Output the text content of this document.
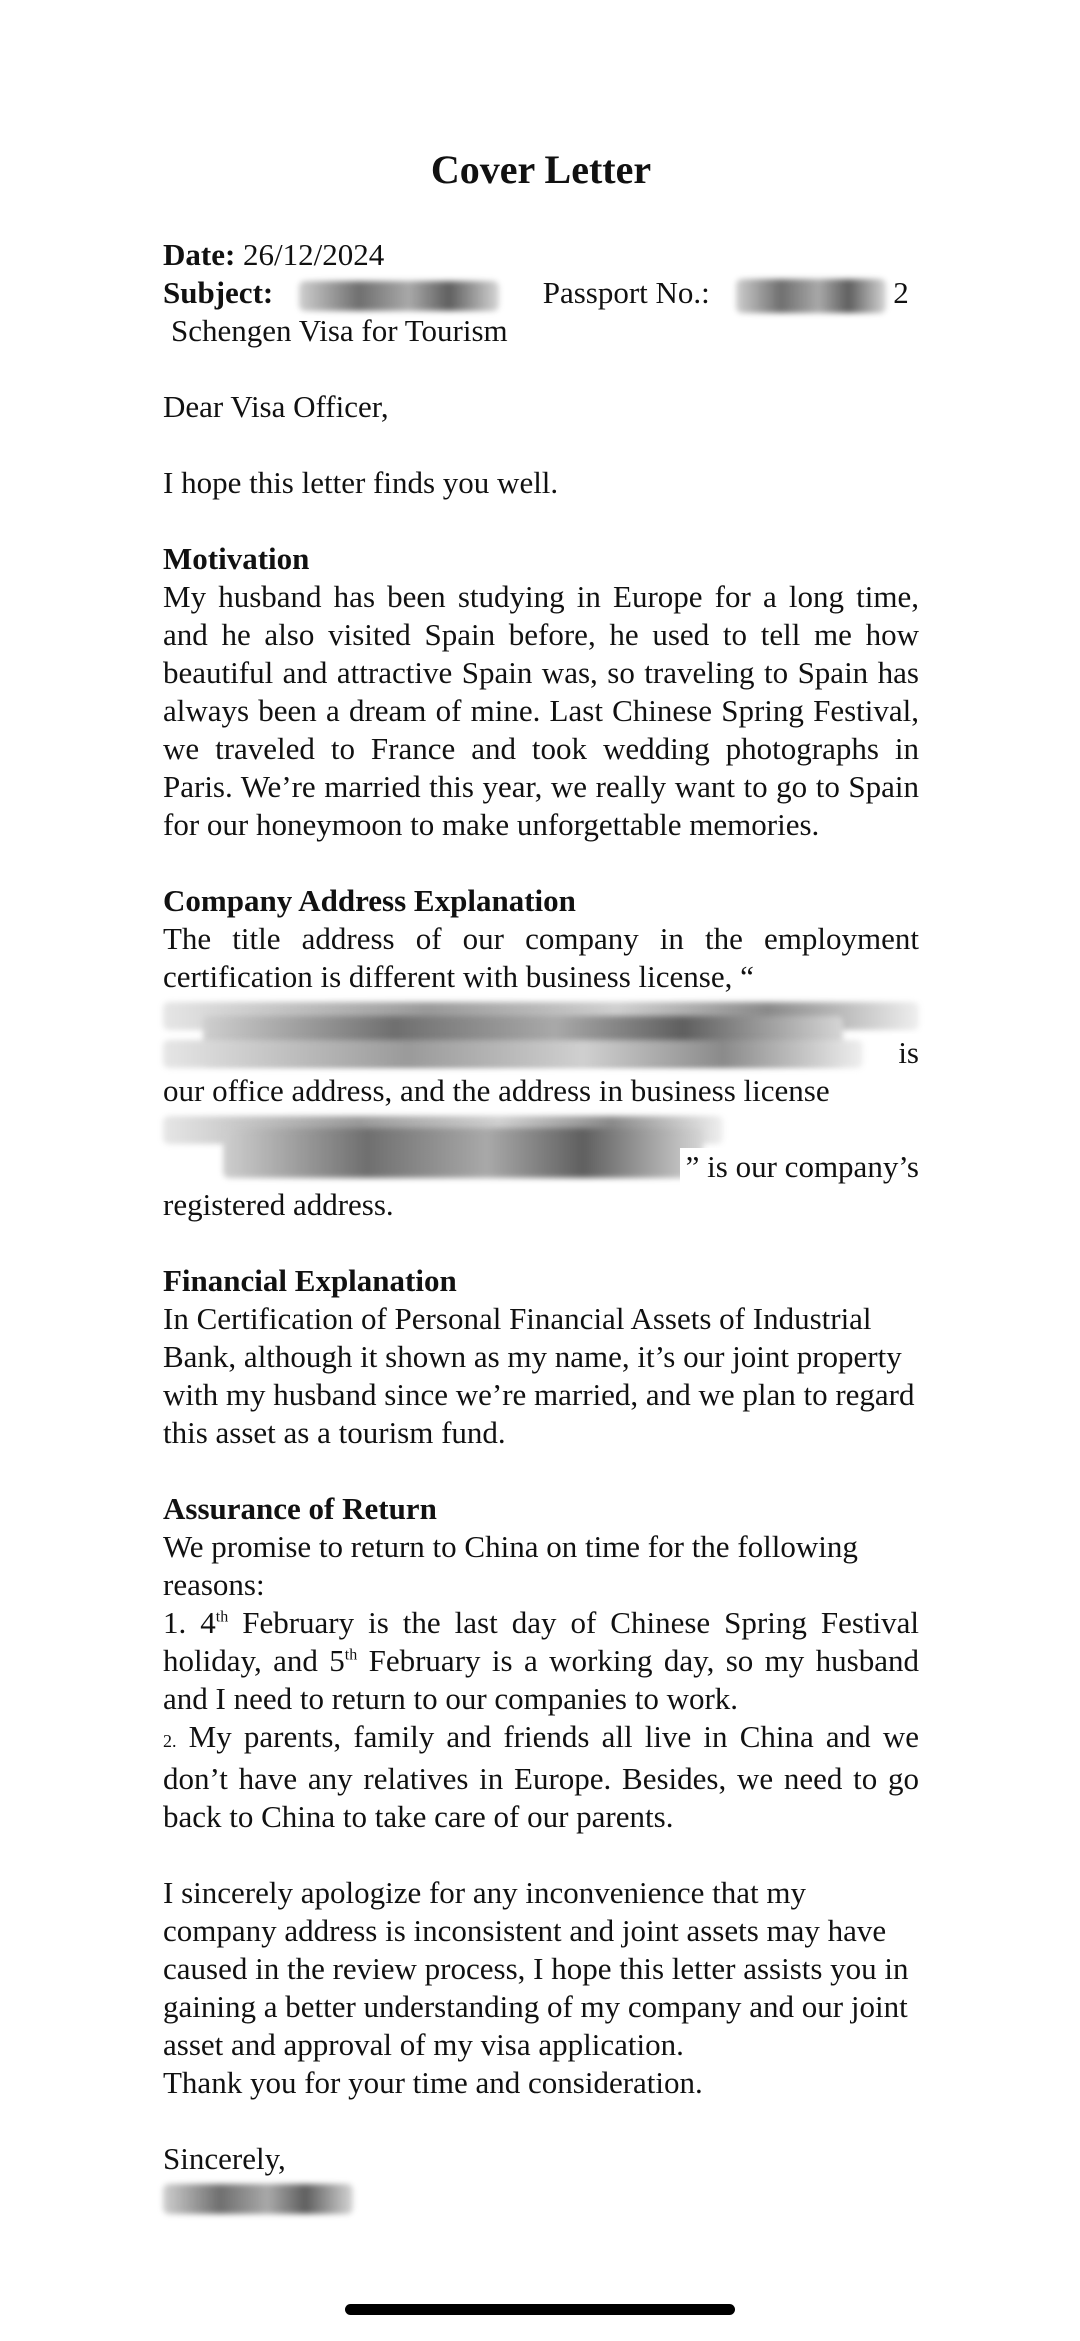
Cover Letter
Date: 26/12/2024
Subject:	Passport No.:	2
Schengen Visa for Tourism
Dear Visa Officer,
I hope this letter finds you well.
Motivation
My husband has been studying in Europe for a long time, and he also visited Spain before, he used to tell me how beautiful and attractive Spain was, so traveling to Spain has always been a dream of mine. Last Chinese Spring Festival, we traveled to France and took wedding photographs in Paris. We’re married this year, we really want to go to Spain for our honeymoon to make unforgettable memories.
Company Address Explanation
The title address of our company in the employment certification is different with business license, “
is
our office address, and the address in business license
” is our company’s
registered address.
Financial Explanation
In Certification of Personal Financial Assets of Industrial Bank, although it shown as my name, it’s our joint property with my husband since we’re married, and we plan to regard this asset as a tourism fund.
Assurance of Return
We promise to return to China on time for the following reasons:
1. 4th February is the last day of Chinese Spring Festival holiday, and 5th February is a working day, so my husband and I need to return to our companies to work.
2. My parents, family and friends all live in China and we don’t have any relatives in Europe. Besides, we need to go back to China to take care of our parents.
I sincerely apologize for any inconvenience that my company address is inconsistent and joint assets may have caused in the review process, I hope this letter assists you in gaining a better understanding of my company and our joint asset and approval of my visa application.
Thank you for your time and consideration.
Sincerely,
